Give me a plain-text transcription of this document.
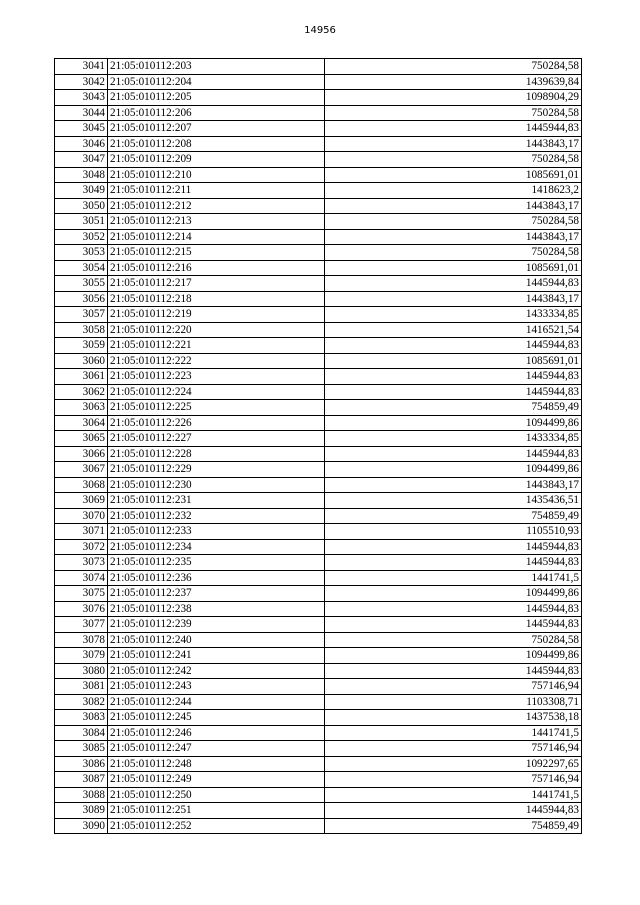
14956
3041	21:05:010112:203	750284,58
3042	21:05:010112:204	1439639,84
3043	21:05:010112:205	1098904,29
3044	21:05:010112:206	750284,58
3045	21:05:010112:207	1445944,83
3046	21:05:010112:208	1443843,17
3047	21:05:010112:209	750284,58
3048	21:05:010112:210	1085691,01
3049	21:05:010112:211	1418623,2
3050	21:05:010112:212	1443843,17
3051	21:05:010112:213	750284,58
3052	21:05:010112:214	1443843,17
3053	21:05:010112:215	750284,58
3054	21:05:010112:216	1085691,01
3055	21:05:010112:217	1445944,83
3056	21:05:010112:218	1443843,17
3057	21:05:010112:219	1433334,85
3058	21:05:010112:220	1416521,54
3059	21:05:010112:221	1445944,83
3060	21:05:010112:222	1085691,01
3061	21:05:010112:223	1445944,83
3062	21:05:010112:224	1445944,83
3063	21:05:010112:225	754859,49
3064	21:05:010112:226	1094499,86
3065	21:05:010112:227	1433334,85
3066	21:05:010112:228	1445944,83
3067	21:05:010112:229	1094499,86
3068	21:05:010112:230	1443843,17
3069	21:05:010112:231	1435436,51
3070	21:05:010112:232	754859,49
3071	21:05:010112:233	1105510,93
3072	21:05:010112:234	1445944,83
3073	21:05:010112:235	1445944,83
3074	21:05:010112:236	1441741,5
3075	21:05:010112:237	1094499,86
3076	21:05:010112:238	1445944,83
3077	21:05:010112:239	1445944,83
3078	21:05:010112:240	750284,58
3079	21:05:010112:241	1094499,86
3080	21:05:010112:242	1445944,83
3081	21:05:010112:243	757146,94
3082	21:05:010112:244	1103308,71
3083	21:05:010112:245	1437538,18
3084	21:05:010112:246	1441741,5
3085	21:05:010112:247	757146,94
3086	21:05:010112:248	1092297,65
3087	21:05:010112:249	757146,94
3088	21:05:010112:250	1441741,5
3089	21:05:010112:251	1445944,83
3090	21:05:010112:252	754859,49
